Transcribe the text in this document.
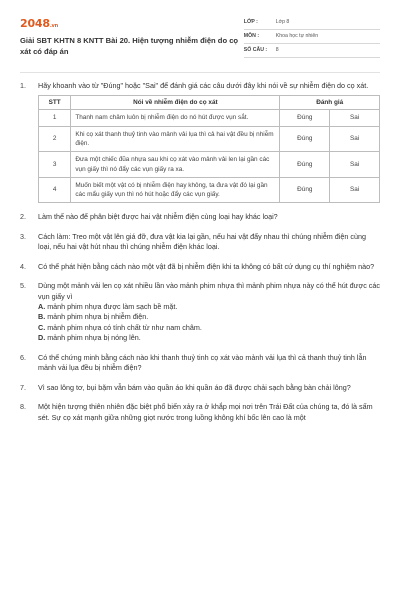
2048.vn
Giải SBT KHTN 8 KNTT Bài 20. Hiện tượng nhiễm điện do cọ xát có đáp án
LỚP :	Lớp 8
MÔN :	Khoa học tự nhiên
SỐ CÂU :	8
1.	Hãy khoanh vào từ "Đúng" hoặc "Sai" để đánh giá các câu dưới đây khi nói về sự nhiễm điện do cọ xát.
STT	Nói về nhiễm điện do cọ xát	Đánh giá	
1	Thanh nam châm luôn bị nhiễm điện do nó hút được vụn sắt.	Đúng	Sai
2	Khi cọ xát thanh thuỷ tinh vào mảnh vải lụa thì cả hai vật đều bị nhiễm điện.	Đúng	Sai
3	Đưa một chiếc đũa nhựa sau khi cọ xát vào mảnh vải len lại gần các vụn giấy thì nó đẩy các vụn giấy ra xa.	Đúng	Sai
4	Muốn biết một vật có bị nhiễm điện hay không, ta đưa vật đó lại gần các mẩu giấy vụn thì nó hút hoặc đẩy các vụn giấy.	Đúng	Sai
2.	Làm thế nào để phân biệt được hai vật nhiễm điện cùng loại hay khác loại?
3.	Cách làm: Treo một vật lên giá đỡ, đưa vật kia lại gần, nếu hai vật đẩy nhau thì chúng nhiễm điện cùng loại, nếu hai vật hút nhau thì chúng nhiễm điện khác loại.
4.	Có thể phát hiện bằng cách nào một vật đã bị nhiễm điện khi ta không có bất cứ dụng cụ thí nghiệm nào?
5.	Dùng một mảnh vải len cọ xát nhiều lần vào mảnh phim nhựa thì mảnh phim nhựa này có thể hút được các vụn giấy vì
A. mảnh phim nhựa được làm sạch bề mặt.
B. mảnh phim nhựa bị nhiễm điện.
C. mảnh phim nhựa có tính chất từ như nam châm.
D. mảnh phim nhựa bị nóng lên.
6.	Có thể chứng minh bằng cách nào khi thanh thuỷ tinh cọ xát vào mảnh vải lụa thì cả thanh thuỷ tinh lẫn mảnh vải lụa đều bị nhiễm điện?
7.	Vì sao lông tơ, bụi bặm vẫn bám vào quần áo khi quần áo đã được chải sạch bằng bàn chải lông?
8.	Một hiện tượng thiên nhiên đặc biệt phổ biến xảy ra ở khắp mọi nơi trên Trái Đất của chúng ta, đó là sấm sét. Sự cọ xát mạnh giữa những giọt nước trong luồng không khí bốc lên cao là một
